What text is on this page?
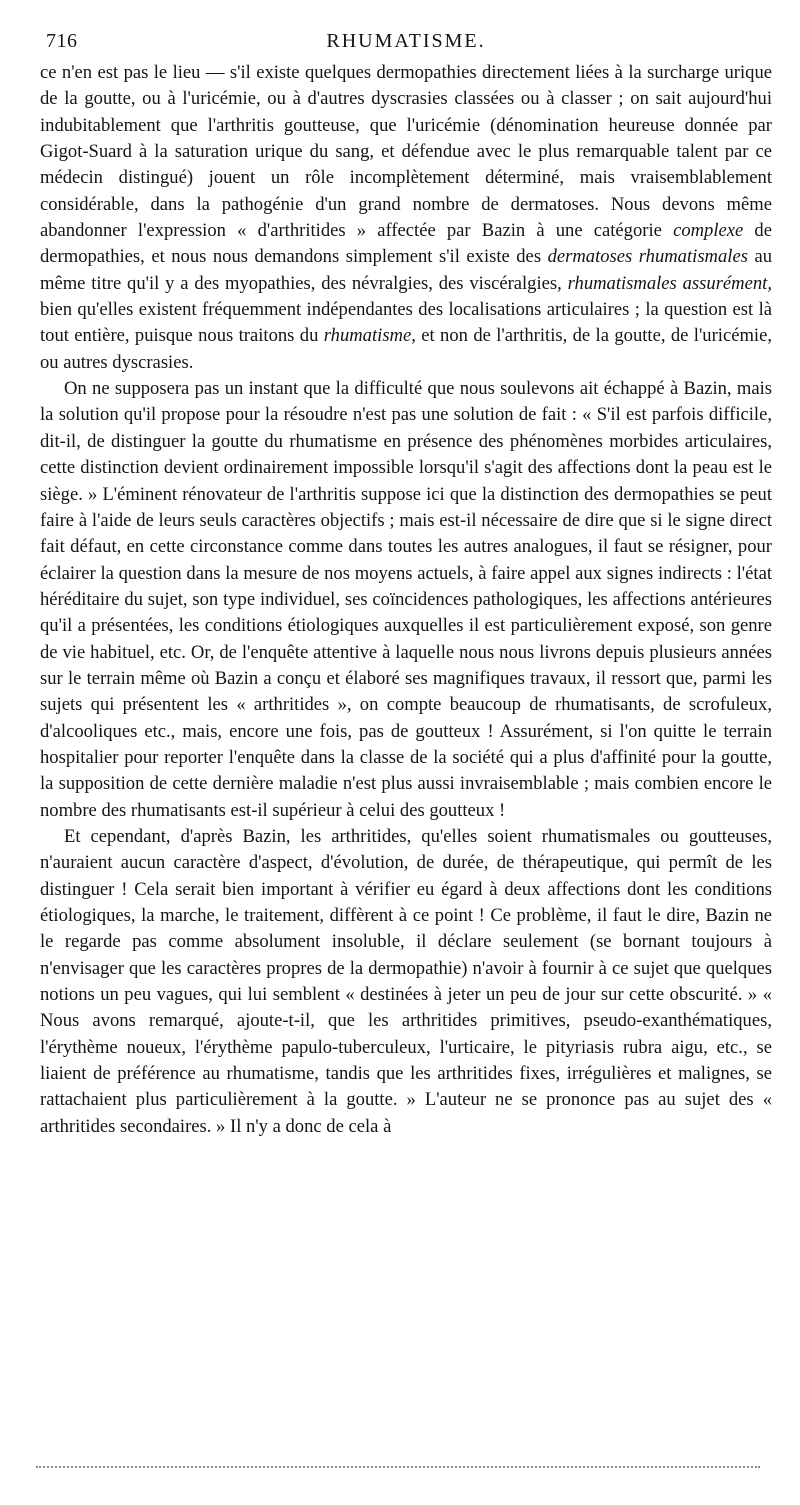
716	RHUMATISME.

ce n'en est pas le lieu — s'il existe quelques dermopathies directement liées à la surcharge urique de la goutte, ou à l'uricémie, ou à d'autres dyscrasies classées ou à classer ; on sait aujourd'hui indubitablement que l'arthritis goutteuse, que l'uricémie (dénomination heureuse donnée par Gigot-Suard à la saturation urique du sang, et défendue avec le plus remarquable talent par ce médecin distingué) jouent un rôle incomplètement déterminé, mais vraisemblablement considérable, dans la pathogénie d'un grand nombre de dermatoses. Nous devons même abandonner l'expression « d'arthritides » affectée par Bazin à une catégorie complexe de dermopathies, et nous nous demandons simplement s'il existe des dermatoses rhumatismales au même titre qu'il y a des myopathies, des névralgies, des viscéralgies, rhumatismales assurément, bien qu'elles existent fréquemment indépendantes des localisations articulaires ; la question est là tout entière, puisque nous traitons du rhumatisme, et non de l'arthritis, de la goutte, de l'uricémie, ou autres dyscrasies.

On ne supposera pas un instant que la difficulté que nous soulevons ait échappé à Bazin, mais la solution qu'il propose pour la résoudre n'est pas une solution de fait : « S'il est parfois difficile, dit-il, de distinguer la goutte du rhumatisme en présence des phénomènes morbides articulaires, cette distinction devient ordinairement impossible lorsqu'il s'agit des affections dont la peau est le siège. » L'éminent rénovateur de l'arthritis suppose ici que la distinction des dermopathies se peut faire à l'aide de leurs seuls caractères objectifs ; mais est-il nécessaire de dire que si le signe direct fait défaut, en cette circonstance comme dans toutes les autres analogues, il faut se résigner, pour éclairer la question dans la mesure de nos moyens actuels, à faire appel aux signes indirects : l'état héréditaire du sujet, son type individuel, ses coïncidences pathologiques, les affections antérieures qu'il a présentées, les conditions étiologiques auxquelles il est particulièrement exposé, son genre de vie habituel, etc. Or, de l'enquête attentive à laquelle nous nous livrons depuis plusieurs années sur le terrain même où Bazin a conçu et élaboré ses magnifiques travaux, il ressort que, parmi les sujets qui présentent les « arthritides », on compte beaucoup de rhumatisants, de scrofuleux, d'alcooliques etc., mais, encore une fois, pas de goutteux ! Assurément, si l'on quitte le terrain hospitalier pour reporter l'enquête dans la classe de la société qui a plus d'affinité pour la goutte, la supposition de cette dernière maladie n'est plus aussi invraisemblable ; mais combien encore le nombre des rhumatisants est-il supérieur à celui des goutteux !

Et cependant, d'après Bazin, les arthritides, qu'elles soient rhumatismales ou goutteuses, n'auraient aucun caractère d'aspect, d'évolution, de durée, de thérapeutique, qui permît de les distinguer ! Cela serait bien important à vérifier eu égard à deux affections dont les conditions étiologiques, la marche, le traitement, diffèrent à ce point ! Ce problème, il faut le dire, Bazin ne le regarde pas comme absolument insoluble, il déclare seulement (se bornant toujours à n'envisager que les caractères propres de la dermopathie) n'avoir à fournir à ce sujet que quelques notions un peu vagues, qui lui semblent « destinées à jeter un peu de jour sur cette obscurité. » « Nous avons remarqué, ajoute-t-il, que les arthritides primitives, pseudo-exanthématiques, l'érythème noueux, l'érythème papulo-tuberculeux, l'urticaire, le pityriasis rubra aigu, etc., se liaient de préférence au rhumatisme, tandis que les arthritides fixes, irrégulières et malignes, se rattachaient plus particulièrement à la goutte. » L'auteur ne se prononce pas au sujet des « arthritides secondaires. » Il n'y a donc de cela à
